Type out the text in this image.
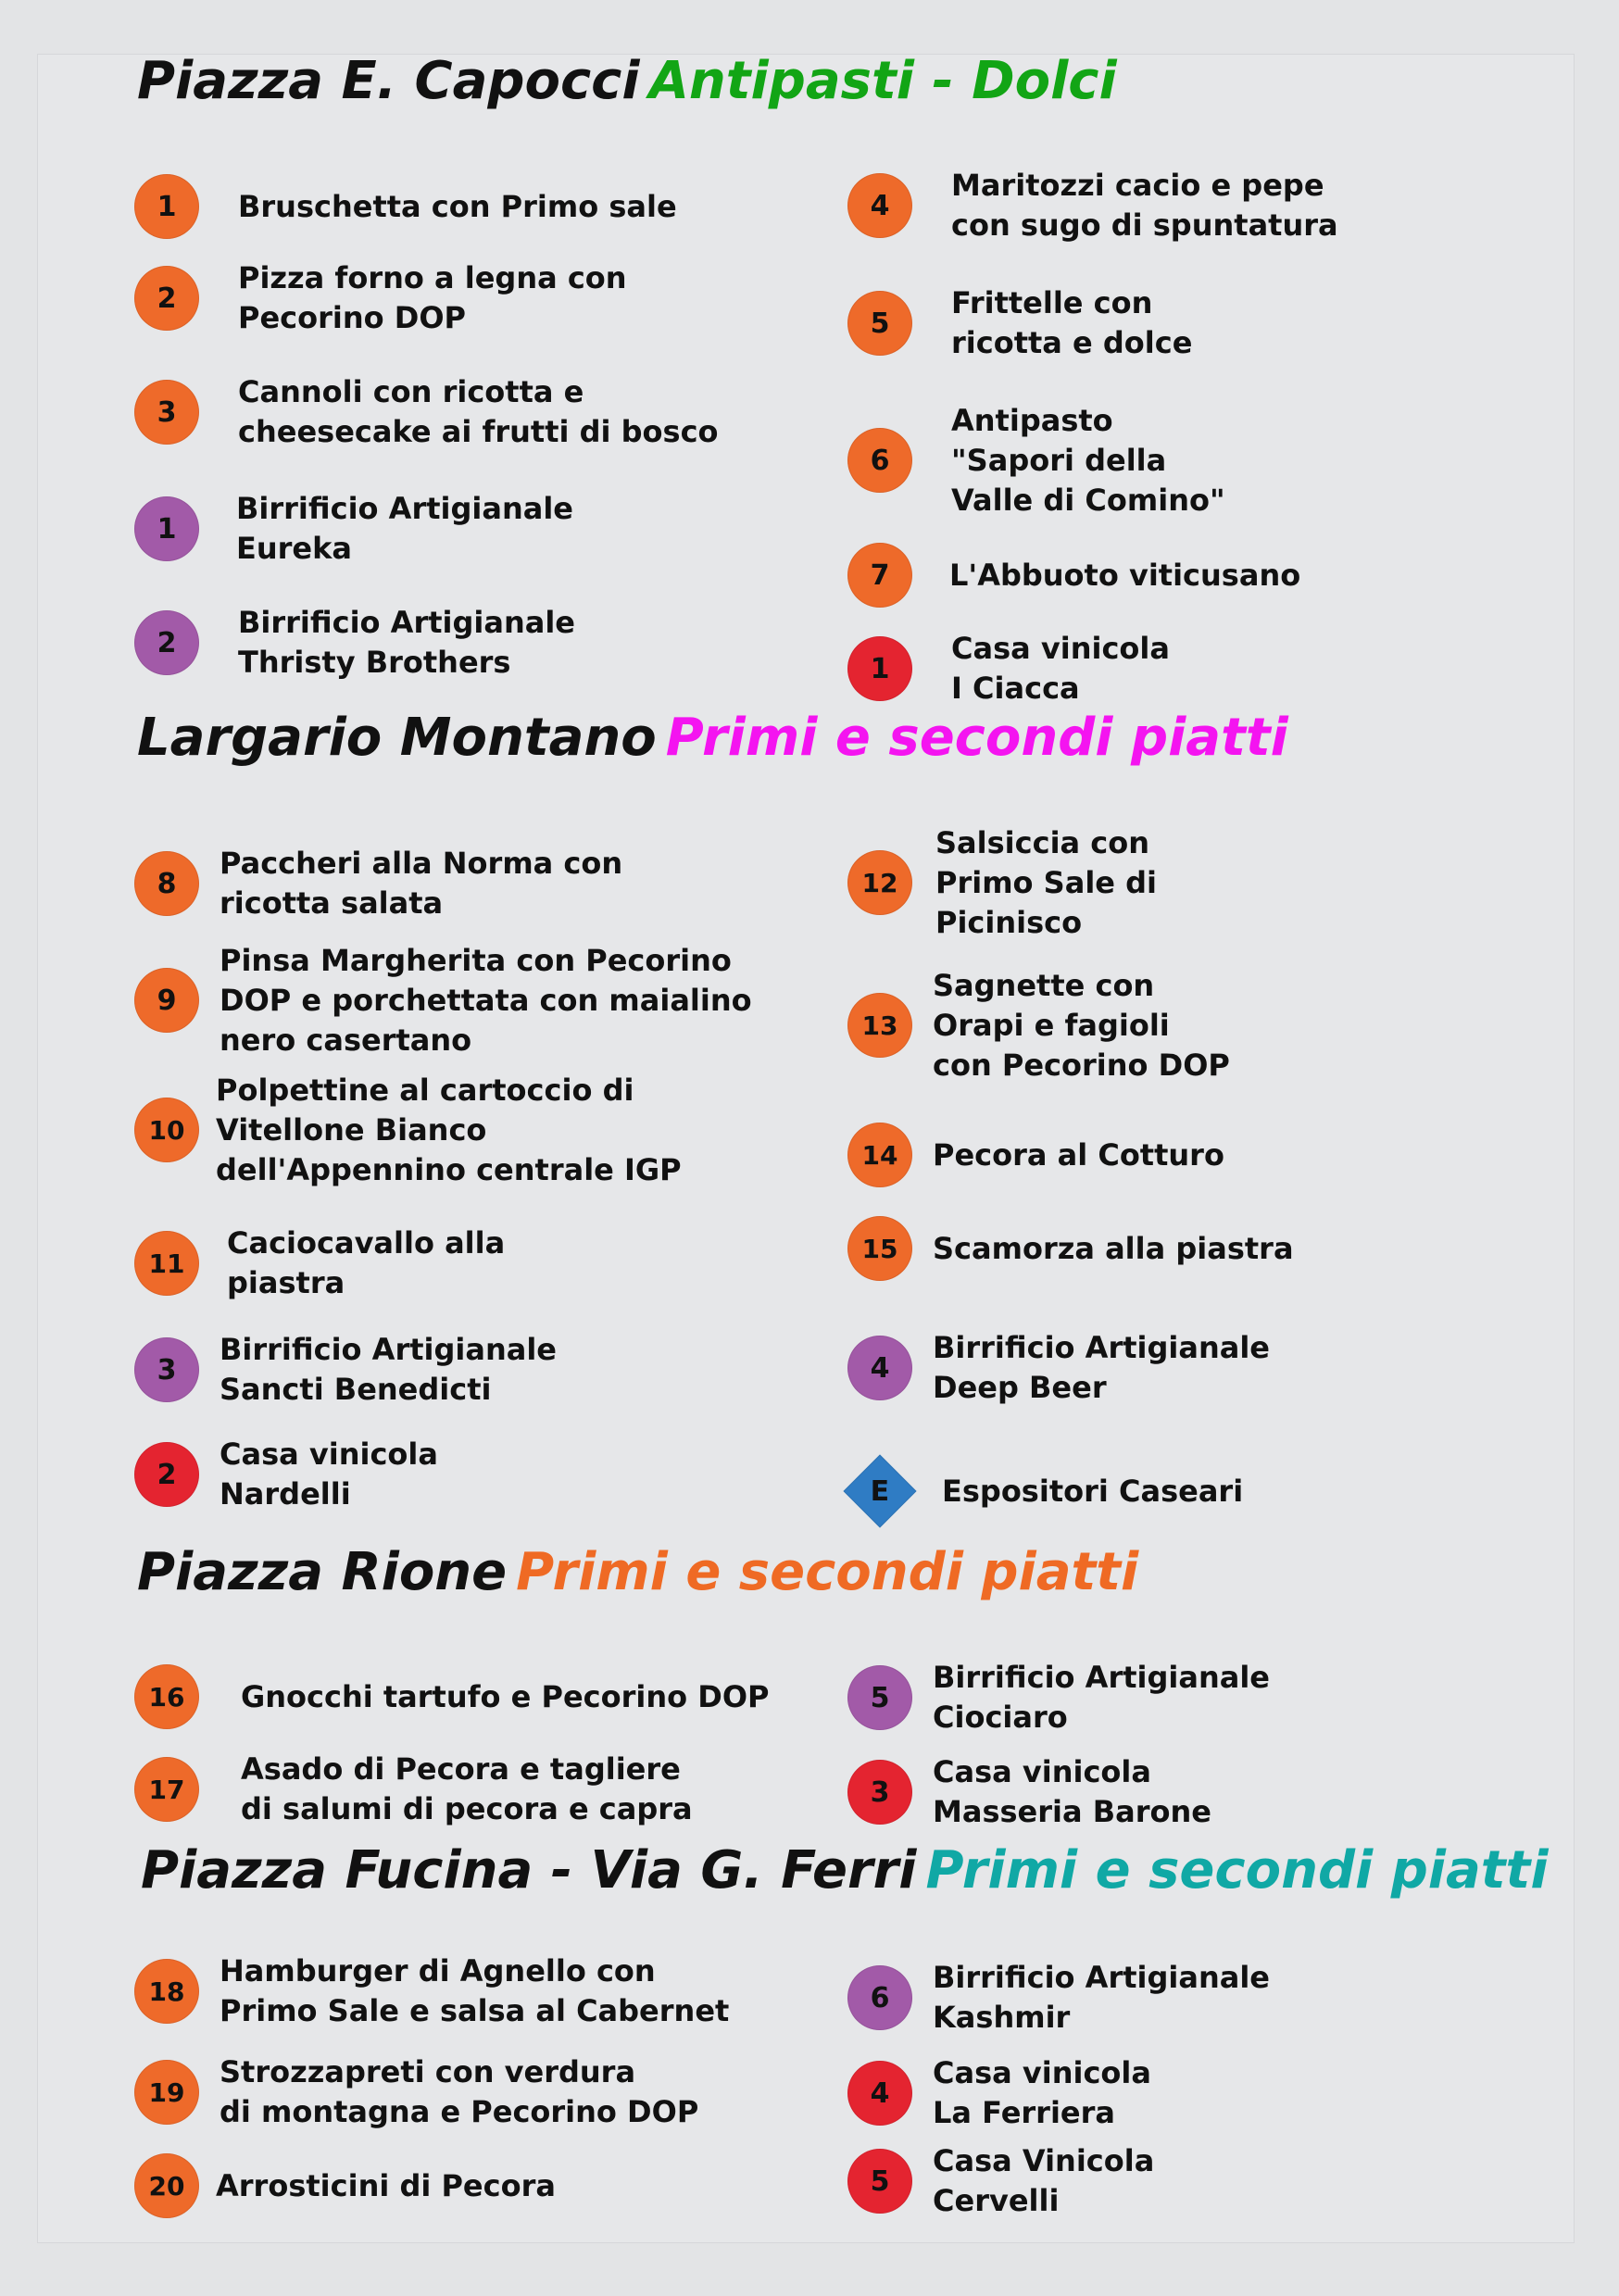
Piazza E. Capocci Antipasti - Dolci
1 Bruschetta con Primo sale
2
Pizza forno a legna con
Pecorino DOP
3
Cannoli con ricotta e
cheesecake ai frutti di bosco
1
Birrificio Artigianale
Eureka
2
Birrificio Artigianale
Thristy Brothers
4
Maritozzi cacio e pepe
con sugo di spuntatura
5
Frittelle con
ricotta e dolce
6
Antipasto
"Sapori della
Valle di Comino"
7 L'Abbuoto viticusano
1
Casa vinicola
I Ciacca
Largario Montano Primi e secondi piatti
8
Paccheri alla Norma con
ricotta salata
9
Pinsa Margherita con Pecorino
DOP e porchettata con maialino
nero casertano
10
Polpettine al cartoccio di
Vitellone Bianco
dell'Appennino centrale IGP
11
Caciocavallo alla
piastra
3
Birrificio Artigianale
Sancti Benedicti
2
Casa vinicola
Nardelli
12
Salsiccia con
Primo Sale di
Picinisco
13
Sagnette con
Orapi e fagioli
con Pecorino DOP
14 Pecora al Cotturo
15 Scamorza alla piastra
4
Birrificio Artigianale
Deep Beer
E Espositori Caseari
Piazza Rione Primi e secondi piatti
16 Gnocchi tartufo e Pecorino DOP
17
Asado di Pecora e tagliere
di salumi di pecora e capra
5
Birrificio Artigianale
Ciociaro
3
Casa vinicola
Masseria Barone
Piazza Fucina - Via G. Ferri Primi e secondi piatti
18
Hamburger di Agnello con
Primo Sale e salsa al Cabernet
19
Strozzapreti con verdura
di montagna e Pecorino DOP
20 Arrosticini di Pecora
6
Birrificio Artigianale
Kashmir
4
Casa vinicola
La Ferriera
5
Casa Vinicola
Cervelli
